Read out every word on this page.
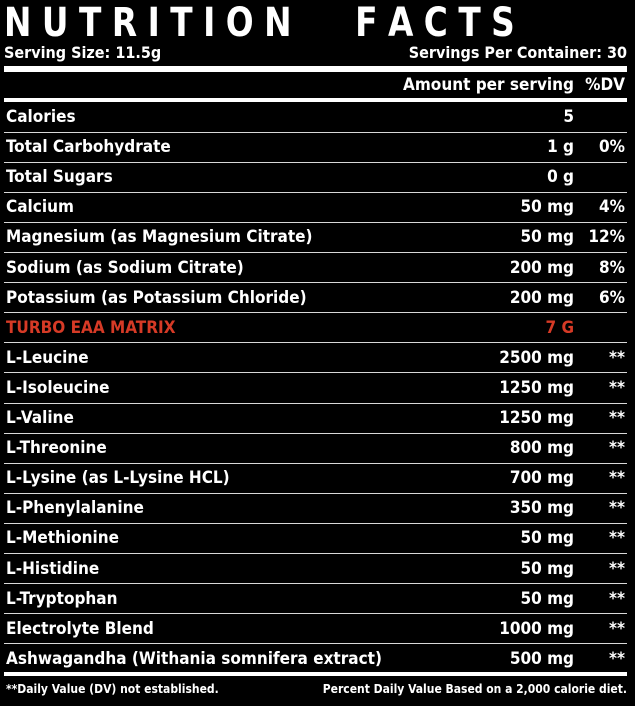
N U T R I T I O N F A C T S
Serving Size: 11.5g	Servings Per Container: 30
Amount per serving %DV
Calories	5
Total Carbohydrate	1 g 0%
Total Sugars	0 g
Calcium	50 mg 4%
Magnesium (as Magnesium Citrate)	50 mg 12%
Sodium (as Sodium Citrate)	200 mg 8%
Potassium (as Potassium Chloride)	200 mg 6%
TURBO EAA MATRIX	7 G
L-Leucine	2500 mg **
L-Isoleucine	1250 mg **
L-Valine	1250 mg **
L-Threonine	800 mg **
L-Lysine (as L-Lysine HCL)	700 mg **
L-Phenylalanine	350 mg **
L-Methionine	50 mg **
L-Histidine	50 mg **
L-Tryptophan	50 mg **
Electrolyte Blend	1000 mg **
Ashwagandha (Withania somnifera extract)	500 mg **
**Daily Value (DV) not established.	Percent Daily Value Based on a 2,000 calorie diet.
